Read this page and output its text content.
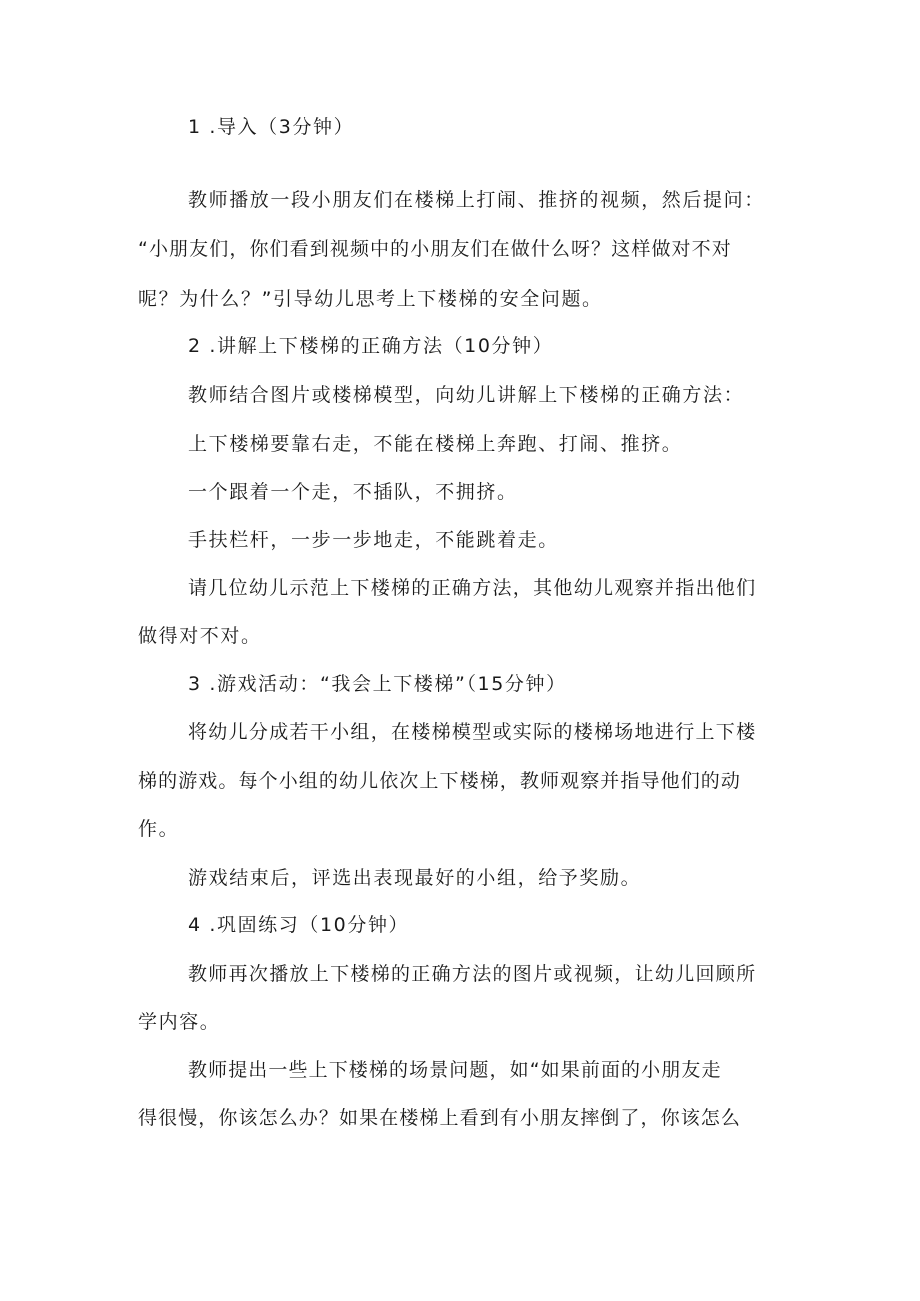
1 .导入（3分钟）
教师播放一段小朋友们在楼梯上打闹、推挤的视频，然后提问：
“小朋友们，你们看到视频中的小朋友们在做什么呀？这样做对不对
呢？为什么？”引导幼儿思考上下楼梯的安全问题。
2 .讲解上下楼梯的正确方法（10分钟）
教师结合图片或楼梯模型，向幼儿讲解上下楼梯的正确方法：
上下楼梯要靠右走，不能在楼梯上奔跑、打闹、推挤。
一个跟着一个走，不插队，不拥挤。
手扶栏杆，一步一步地走，不能跳着走。
请几位幼儿示范上下楼梯的正确方法，其他幼儿观察并指出他们
做得对不对。
3 .游戏活动：“我会上下楼梯”（15分钟）
将幼儿分成若干小组，在楼梯模型或实际的楼梯场地进行上下楼
梯的游戏。每个小组的幼儿依次上下楼梯，教师观察并指导他们的动
作。
游戏结束后，评选出表现最好的小组，给予奖励。
4 .巩固练习（10分钟）
教师再次播放上下楼梯的正确方法的图片或视频，让幼儿回顾所
学内容。
教师提出一些上下楼梯的场景问题，如“如果前面的小朋友走
得很慢，你该怎么办？如果在楼梯上看到有小朋友摔倒了，你该怎么
